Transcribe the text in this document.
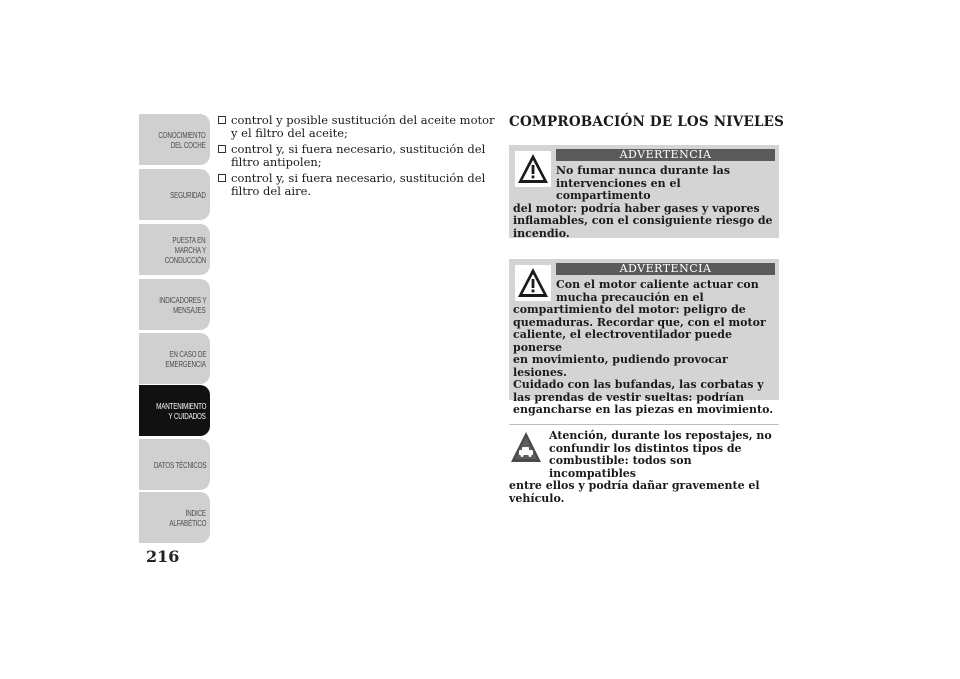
CONOCIMIENTO
DEL COCHE
SEGURIDAD
PUESTA EN
MARCHA Y
CONDUCCIÓN
INDICADORES Y
MENSAJES
EN CASO DE
EMERGENCIA
MANTENIMIENTO
Y CUIDADOS
DATOS TÉCNICOS
ÍNDICE
ALFABÉTICO
216
control y posible sustitución del aceite motor y el filtro del aceite;
control y, si fuera necesario, sustitución del filtro antipolen;
control y, si fuera necesario, sustitución del filtro del aire.
COMPROBACIÓN DE LOS NIVELES
ADVERTENCIA
No fumar nunca durante las
intervenciones en el compartimento
del motor: podría haber gases y vapores
inflamables, con el consiguiente riesgo de
incendio.
ADVERTENCIA
Con el motor caliente actuar con
mucha precaución en el
compartimiento del motor: peligro de
quemaduras. Recordar que, con el motor
caliente, el electroventilador puede ponerse
en movimiento, pudiendo provocar lesiones.
Cuidado con las bufandas, las corbatas y
las prendas de vestir sueltas: podrían
engancharse en las piezas en movimiento.
Atención, durante los repostajes, no
confundir los distintos tipos de
combustible: todos son incompatibles
entre ellos y podría dañar gravemente el
vehículo.
